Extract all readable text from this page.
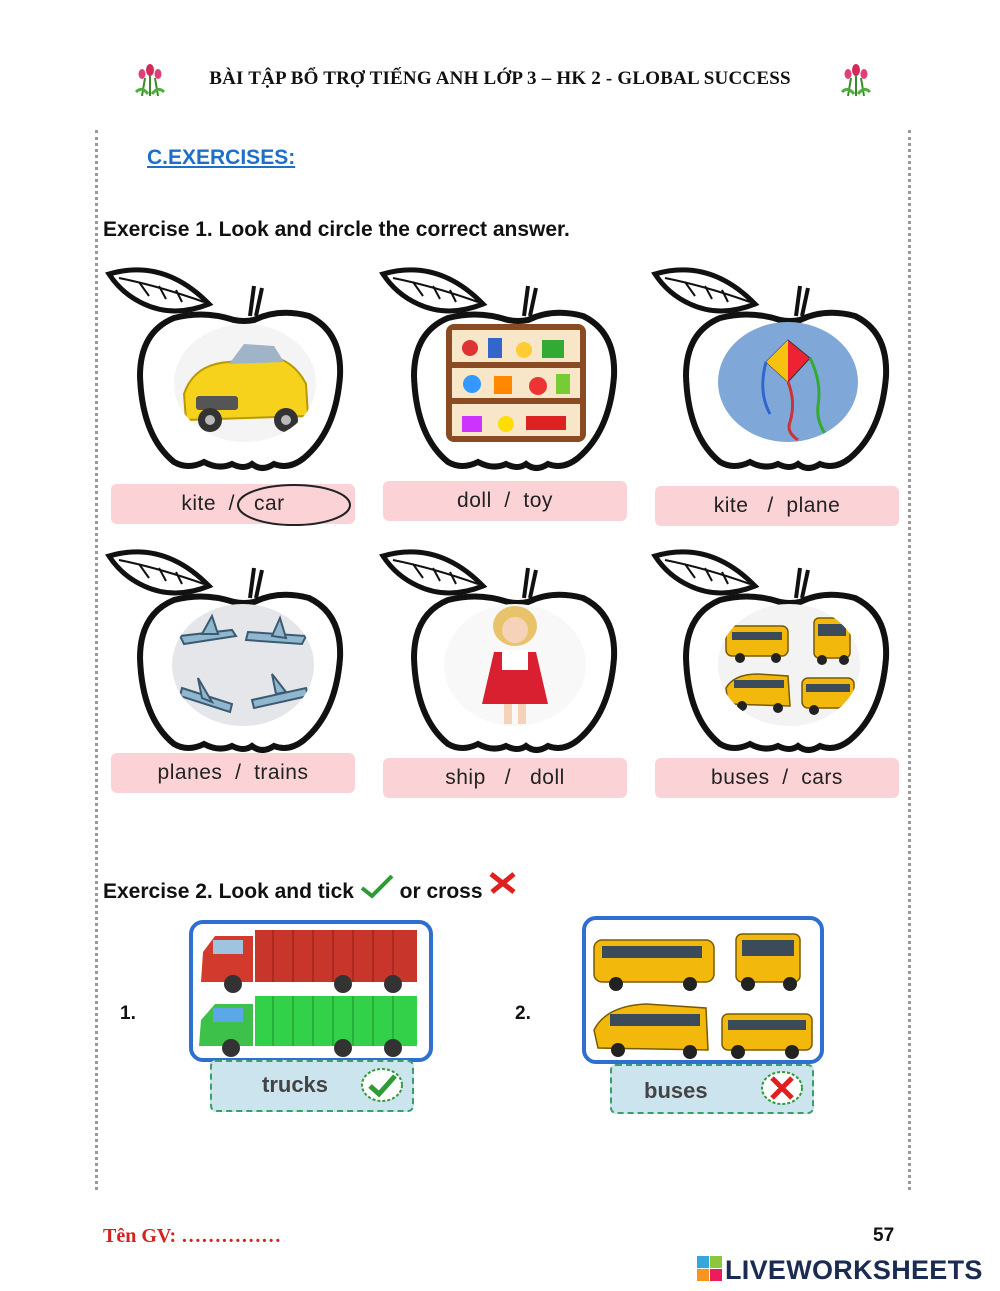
BÀI TẬP BỔ TRỢ TIẾNG ANH LỚP 3 – HK 2 - GLOBAL SUCCESS
C.EXERCISES:
Exercise 1. Look and circle the correct answer.
kite  /   car	doll  /  toy	kite   /  plane
planes  /  trains	ship   /   doll	buses  /  cars
Exercise 2. Look and tick or cross
1.
trucks
2.
buses
Tên GV: ……………	57
LIVEWORKSHEETS
